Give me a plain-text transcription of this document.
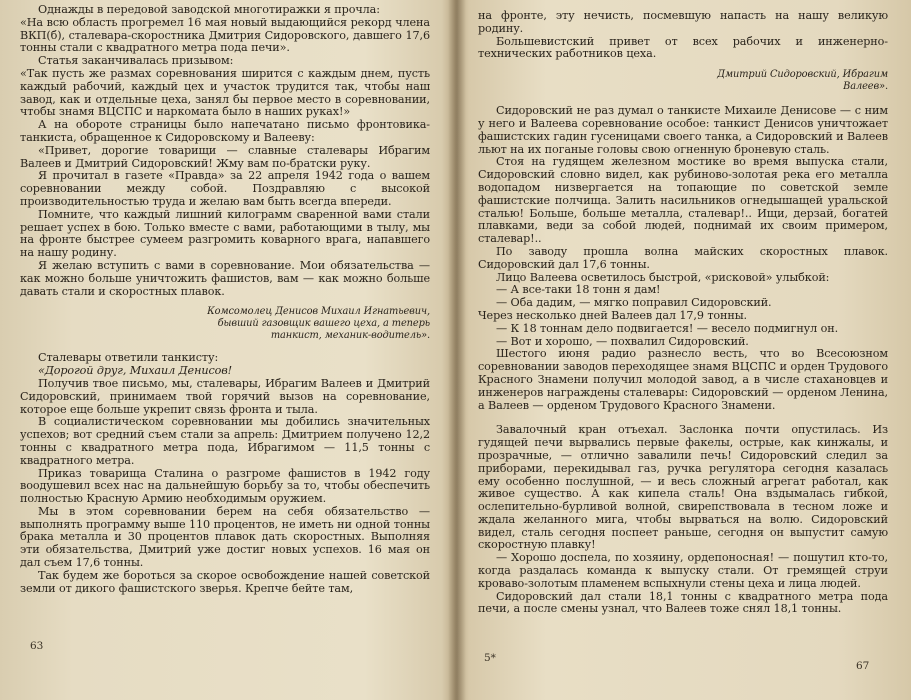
Однажды в передовой заводской многотиражки я прочла:

«На всю область прогремел 16 мая новый выдающийся рекорд члена ВКП(б), сталевара-скоростника Дмитрия Сидоровского, давшего 17,6 тонны стали с квадратного метра пода печи».

Статья заканчивалась призывом:

«Так пусть же размах соревнования ширится с каждым днем, пусть каждый рабочий, каждый цех и участок трудится так, чтобы наш завод, как и отдельные цеха, занял бы первое место в соревновании, чтобы знамя ВЦСПС и наркомата было в наших руках!»

А на обороте страницы было напечатано письмо фронтовика-танкиста, обращенное к Сидоровскому и Валееву:

«Привет, дорогие товарищи — славные сталевары Ибрагим Валеев и Дмитрий Сидоровский! Жму вам по-братски руку.

Я прочитал в газете «Правда» за 22 апреля 1942 года о вашем соревновании между собой. Поздравляю с высокой производительностью труда и желаю вам быть всегда впереди.

Помните, что каждый лишний килограмм сваренной вами стали решает успех в бою. Только вместе с вами, работающими в тылу, мы на фронте быстрее сумеем разгромить коварного врага, напавшего на нашу родину.

Я желаю вступить с вами в соревнование. Мои обязательства — как можно больше уничтожить фашистов, вам — как можно больше давать стали и скоростных плавок.

Комсомолец Денисов Михаил Игнатьевич, бывший газовщик вашего цеха, а теперь танкист, механик-водитель».

Сталевары ответили танкисту:

«Дорогой друг, Михаил Денисов!

Получив твое письмо, мы, сталевары, Ибрагим Валеев и Дмитрий Сидоровский, принимаем твой горячий вызов на соревнование, которое еще больше укрепит связь фронта и тыла.

В социалистическом соревновании мы добились значительных успехов; вот средний съем стали за апрель: Дмитрием получено 12,2 тонны с квадратного метра пода, Ибрагимом — 11,5 тонны с квадратного метра.

Приказ товарища Сталина о разгроме фашистов в 1942 году воодушевил всех нас на дальнейшую борьбу за то, чтобы обеспечить полностью Красную Армию необходимым оружием.

Мы в этом соревновании берем на себя обязательство — выполнять программу выше 110 процентов, не иметь ни одной тонны брака металла и 30 процентов плавок дать скоростных. Выполняя эти обязательства, Дмитрий уже достиг новых успехов. 16 мая он дал съем 17,6 тонны.

Так будем же бороться за скорое освобождение нашей советской земли от дикого фашистского зверья. Крепче бейте там,

63

на фронте, эту нечисть, посмевшую напасть на нашу великую родину.

Большевистский привет от всех рабочих и инженерно-технических работников цеха.

Дмитрий Сидоровский, Ибрагим Валеев».

Сидоровский не раз думал о танкисте Михаиле Денисове — с ним у него и Валеева соревнование особое: танкист Денисов уничтожает фашистских гадин гусеницами своего танка, а Сидоровский и Валеев льют на их поганые головы свою огненную броневую сталь.

Стоя на гудящем железном мостике во время выпуска стали, Сидоровский словно видел, как рубиново-золотая река его металла водопадом низвергается на топающие по советской земле фашистские полчища. Залить насильников огнедышащей уральской сталью! Больше, больше металла, сталевар!.. Ищи, дерзай, богатей плавками, веди за собой людей, поднимай их своим примером, сталевар!..

По заводу прошла волна майских скоростных плавок. Сидоровский дал 17,6 тонны.

Лицо Валеева осветилось быстрой, «рисковой» улыбкой:

— А все-таки 18 тонн я дам!

— Оба дадим, — мягко поправил Сидоровский.

Через несколько дней Валеев дал 17,9 тонны.

— К 18 тоннам дело подвигается! — весело подмигнул он.

— Вот и хорошо, — похвалил Сидоровский.

Шестого июня радио разнесло весть, что во Всесоюзном соревновании заводов переходящее знамя ВЦСПС и орден Трудового Красного Знамени получил молодой завод, а в числе стахановцев и инженеров награждены сталевары: Сидоровский — орденом Ленина, а Валеев — орденом Трудового Красного Знамени.

Завалочный кран отъехал. Заслонка почти опустилась. Из гудящей печи вырвались первые факелы, острые, как кинжалы, и прозрачные, — отлично завалили печь! Сидоровский следил за приборами, перекидывал газ, ручка регулятора сегодня казалась ему особенно послушной, — и весь сложный агрегат работал, как живое существо. А как кипела сталь! Она вздымалась гибкой, ослепительно-бурливой волной, свирепствовала в тесном ложе и ждала желанного мига, чтобы вырваться на волю. Сидоровский видел, сталь сегодня поспеет раньше, сегодня он выпустит самую скоростную плавку!

— Хорошо доспела, по хозяину, ордепоносная! — пошутил кто-то, когда раздалась команда к выпуску стали. От гремящей струи кроваво-золотым пламенем вспыхнули стены цеха и лица людей.

Сидоровский дал стали 18,1 тонны с квадратного метра пода печи, а после смены узнал, что Валеев тоже снял 18,1 тонны.

5*
67
